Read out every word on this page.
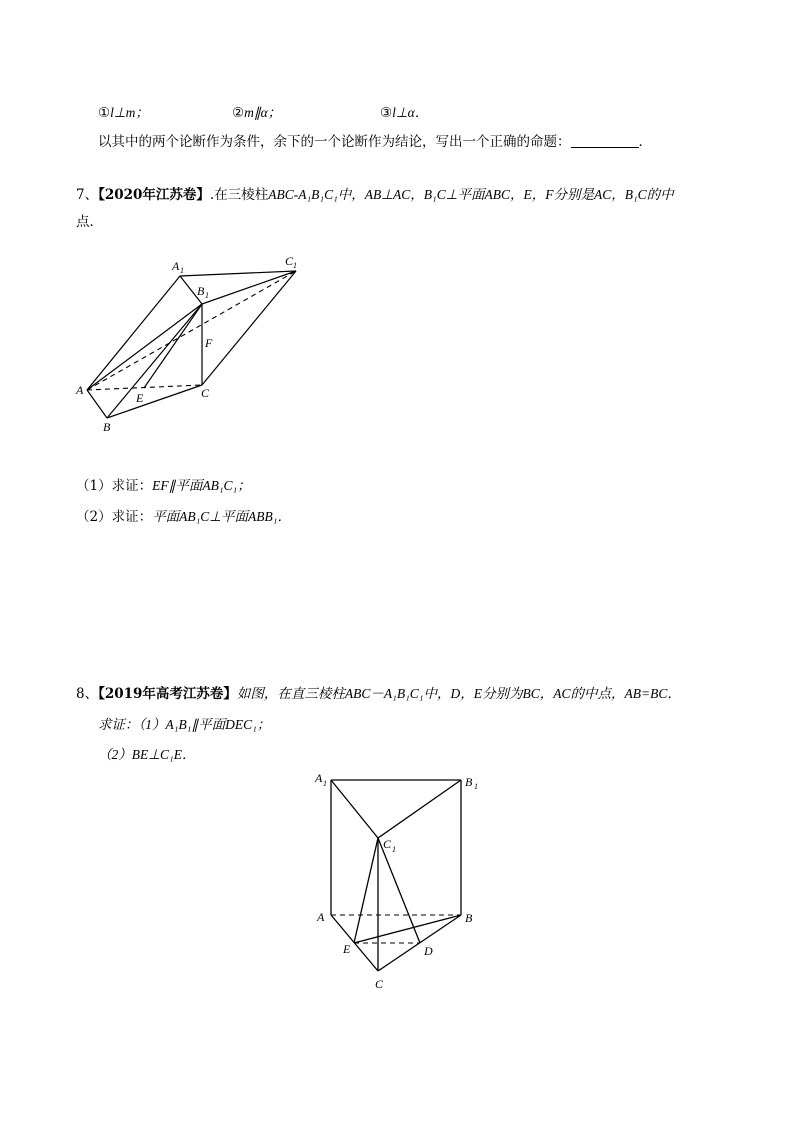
①l⊥m；	②m∥α；	③l⊥α．
以其中的两个论断作为条件，余下的一个论断作为结论，写出一个正确的命题：	．
7、【2020年江苏卷】.在三棱柱ABC-A₁B₁C₁中，AB⊥AC，B₁C⊥平面ABC，E，F分别是AC，B₁C的中
点．
A 1
B 1
C 1
F
A
E	C
B
（1）求证：EF∥平面AB₁C₁；
（2）求证：平面AB₁C⊥平面ABB₁．
8、【2019年高考江苏卷】如图，在直三棱柱ABC－A₁B₁C₁中，D，E分别为BC，AC的中点，AB=BC．
求证：（1）A₁B₁∥平面DEC₁；
（2）BE⊥C₁E．
A 1	B 1
C 1
A	B
E	D
C
